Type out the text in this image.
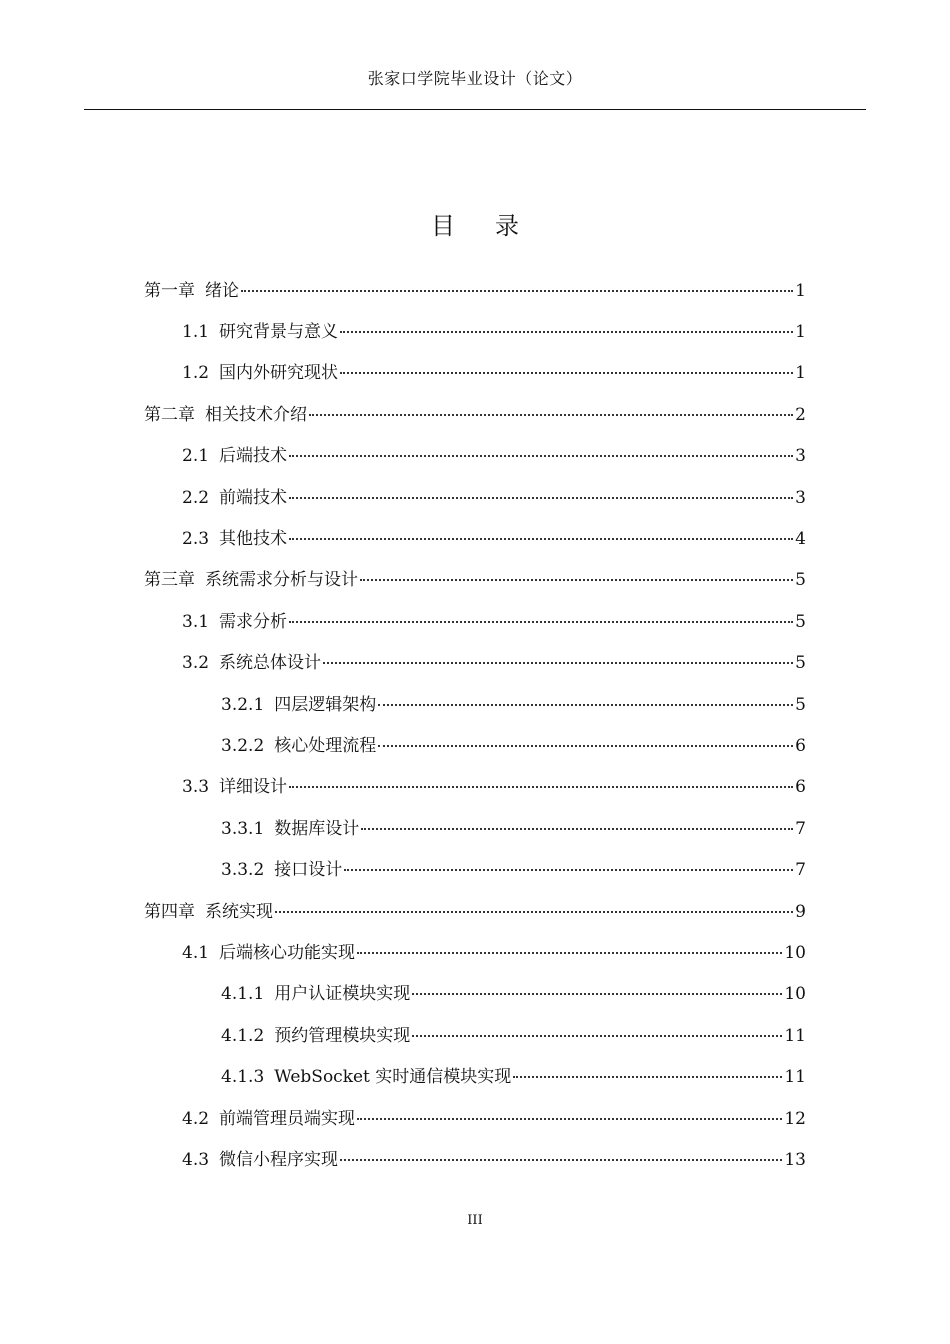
张家口学院毕业设计（论文）
目录
第一章 绪论	1
1.1 研究背景与意义	1
1.2 国内外研究现状	1
第二章 相关技术介绍	2
2.1 后端技术	3
2.2 前端技术	3
2.3 其他技术	4
第三章 系统需求分析与设计	5
3.1 需求分析	5
3.2 系统总体设计	5
3.2.1 四层逻辑架构	5
3.2.2 核心处理流程	6
3.3 详细设计	6
3.3.1 数据库设计	7
3.3.2 接口设计	7
第四章 系统实现	9
4.1 后端核心功能实现	10
4.1.1 用户认证模块实现	10
4.1.2 预约管理模块实现	11
4.1.3 WebSocket 实时通信模块实现	11
4.2 前端管理员端实现	12
4.3 微信小程序实现	13
III
